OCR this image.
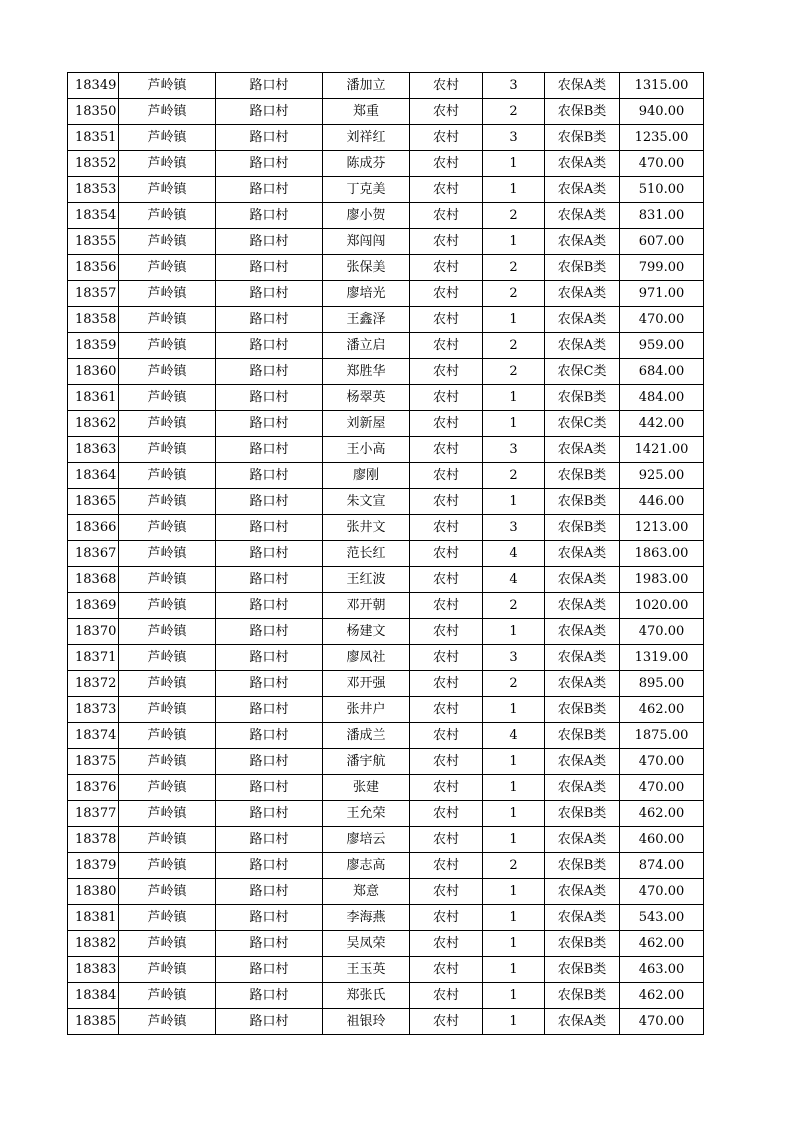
18349	芦岭镇	路口村	潘加立	农村	3	农保A类	1315.00
18350	芦岭镇	路口村	郑重	农村	2	农保B类	940.00
18351	芦岭镇	路口村	刘祥红	农村	3	农保B类	1235.00
18352	芦岭镇	路口村	陈成芬	农村	1	农保A类	470.00
18353	芦岭镇	路口村	丁克美	农村	1	农保A类	510.00
18354	芦岭镇	路口村	廖小贺	农村	2	农保A类	831.00
18355	芦岭镇	路口村	郑闯闯	农村	1	农保A类	607.00
18356	芦岭镇	路口村	张保美	农村	2	农保B类	799.00
18357	芦岭镇	路口村	廖培光	农村	2	农保A类	971.00
18358	芦岭镇	路口村	王鑫泽	农村	1	农保A类	470.00
18359	芦岭镇	路口村	潘立启	农村	2	农保A类	959.00
18360	芦岭镇	路口村	郑胜华	农村	2	农保C类	684.00
18361	芦岭镇	路口村	杨翠英	农村	1	农保B类	484.00
18362	芦岭镇	路口村	刘新屋	农村	1	农保C类	442.00
18363	芦岭镇	路口村	王小高	农村	3	农保A类	1421.00
18364	芦岭镇	路口村	廖刚	农村	2	农保B类	925.00
18365	芦岭镇	路口村	朱文宣	农村	1	农保B类	446.00
18366	芦岭镇	路口村	张井文	农村	3	农保B类	1213.00
18367	芦岭镇	路口村	范长红	农村	4	农保A类	1863.00
18368	芦岭镇	路口村	王红波	农村	4	农保A类	1983.00
18369	芦岭镇	路口村	邓开朝	农村	2	农保A类	1020.00
18370	芦岭镇	路口村	杨建文	农村	1	农保A类	470.00
18371	芦岭镇	路口村	廖凤社	农村	3	农保A类	1319.00
18372	芦岭镇	路口村	邓开强	农村	2	农保A类	895.00
18373	芦岭镇	路口村	张井户	农村	1	农保B类	462.00
18374	芦岭镇	路口村	潘成兰	农村	4	农保B类	1875.00
18375	芦岭镇	路口村	潘宇航	农村	1	农保A类	470.00
18376	芦岭镇	路口村	张建	农村	1	农保A类	470.00
18377	芦岭镇	路口村	王允荣	农村	1	农保B类	462.00
18378	芦岭镇	路口村	廖培云	农村	1	农保A类	460.00
18379	芦岭镇	路口村	廖志高	农村	2	农保B类	874.00
18380	芦岭镇	路口村	郑意	农村	1	农保A类	470.00
18381	芦岭镇	路口村	李海燕	农村	1	农保A类	543.00
18382	芦岭镇	路口村	吴凤荣	农村	1	农保B类	462.00
18383	芦岭镇	路口村	王玉英	农村	1	农保B类	463.00
18384	芦岭镇	路口村	郑张氏	农村	1	农保B类	462.00
18385	芦岭镇	路口村	祖银玲	农村	1	农保A类	470.00
